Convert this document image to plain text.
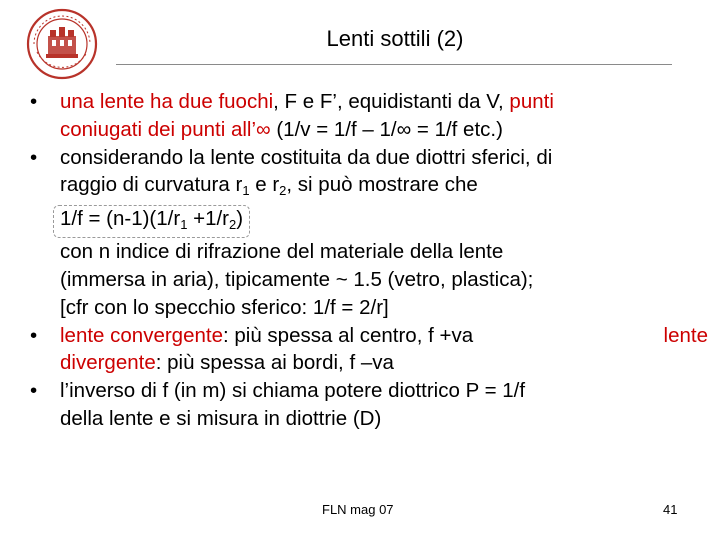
Lenti sottili (2)
• una lente ha due fuochi, F e F’, equidistanti da V, punti
coniugati dei punti all’∞ (1/v = 1/f – 1/∞ = 1/f etc.)
• considerando la lente costituita da due diottri sferici, di
raggio di curvatura $r_1$ e $r_2$, si può mostrare che
$1/f = (n-1)(1/r_1 +1/r_2)$
con n indice di rifrazione del materiale della lente
(immersa in aria), tipicamente ~ 1.5 (vetro, plastica);
[cfr con lo specchio sferico: 1/f = 2/r]
• lente convergente: più spessa al centro, f +va	lente
divergente: più spessa ai bordi, f –va
• l’inverso di f (in m) si chiama potere diottrico P = 1/f
della lente e si misura in diottrie (D)
FLN mag 07	41
